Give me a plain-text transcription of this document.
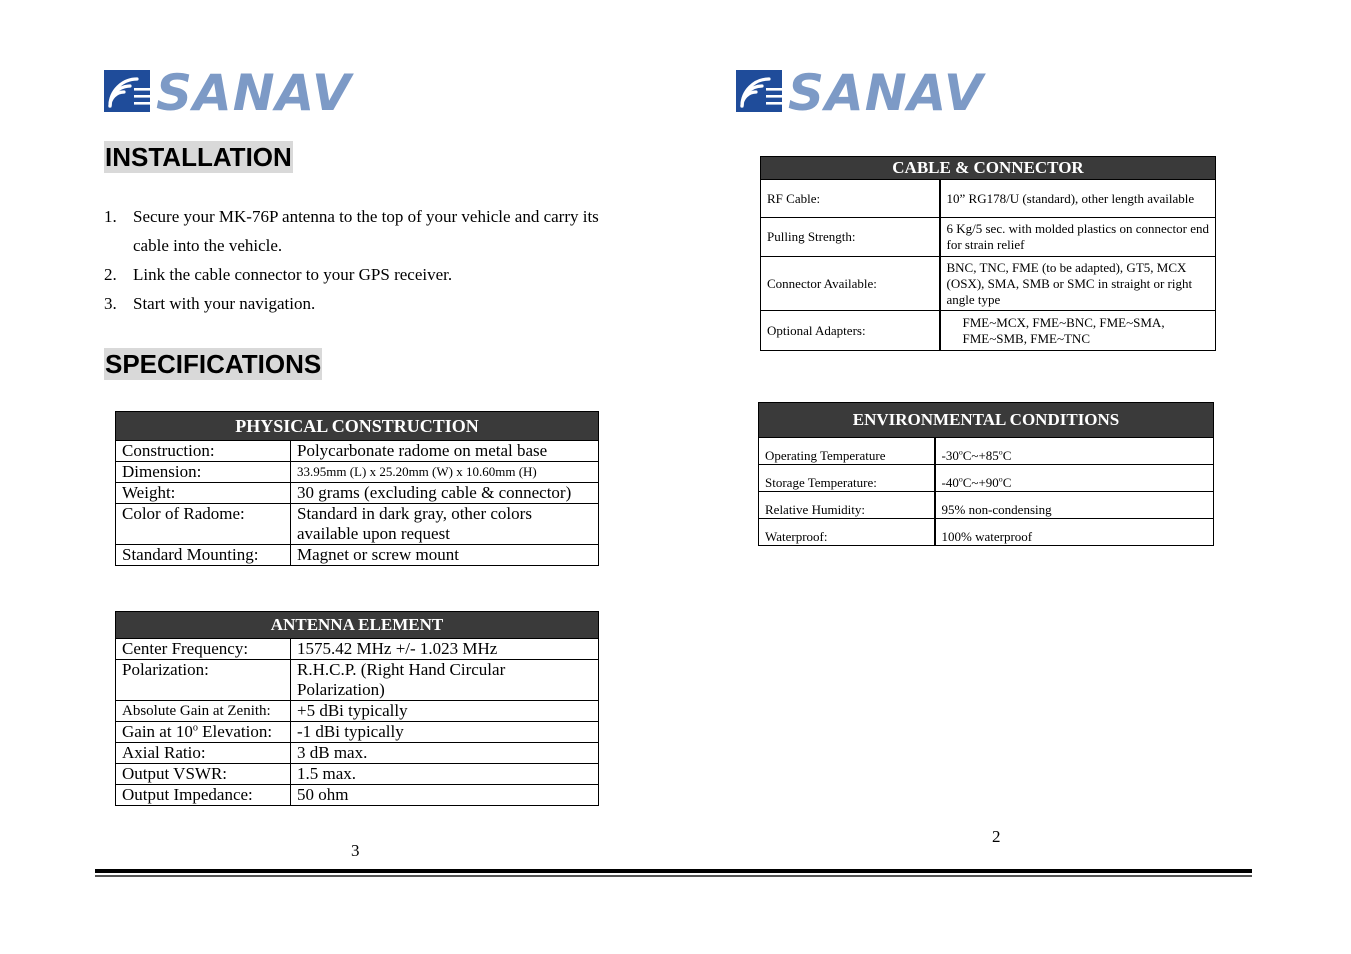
SANAV	SANAV
INSTALLATION
1. Secure your MK-76P antenna to the top of your vehicle and carry its cable into the vehicle.
2. Link the cable connector to your GPS receiver.
3. Start with your navigation.
SPECIFICATIONS
PHYSICAL CONSTRUCTION	
Construction:	Polycarbonate radome on metal base
Dimension:	33.95mm (L) x 25.20mm (W) x 10.60mm (H)
Weight:	30 grams (excluding cable & connector)
Color of Radome:	Standard in dark gray, other colors available upon request
Standard Mounting:	Magnet or screw mount
ANTENNA ELEMENT	
Center Frequency:	1575.42 MHz +/- 1.023 MHz
Polarization:	R.H.C.P. (Right Hand Circular Polarization)
Absolute Gain at Zenith:	+5 dBi typically
Gain at 10$^o$ Elevation:	-1 dBi typically
Axial Ratio:	3 dB max.
Output VSWR:	1.5 max.
Output Impedance:	50 ohm
3
CABLE & CONNECTOR	
RF Cable:	10” RG178/U (standard), other length available
Pulling Strength:	6 Kg/5 sec. with molded plastics on connector end for strain relief
Connector Available:	BNC, TNC, FME (to be adapted), GT5, MCX (OSX), SMA, SMB or SMC in straight or right angle type
Optional Adapters:	FME~MCX, FME~BNC, FME~SMA, FME~SMB, FME~TNC
ENVIRONMENTAL CONDITIONS	
Operating Temperature	$-30^oC\sim+85^oC$
Storage Temperature:	$-40^oC\sim+90^oC$
Relative Humidity:	95% non-condensing
Waterproof:	100% waterproof
2
